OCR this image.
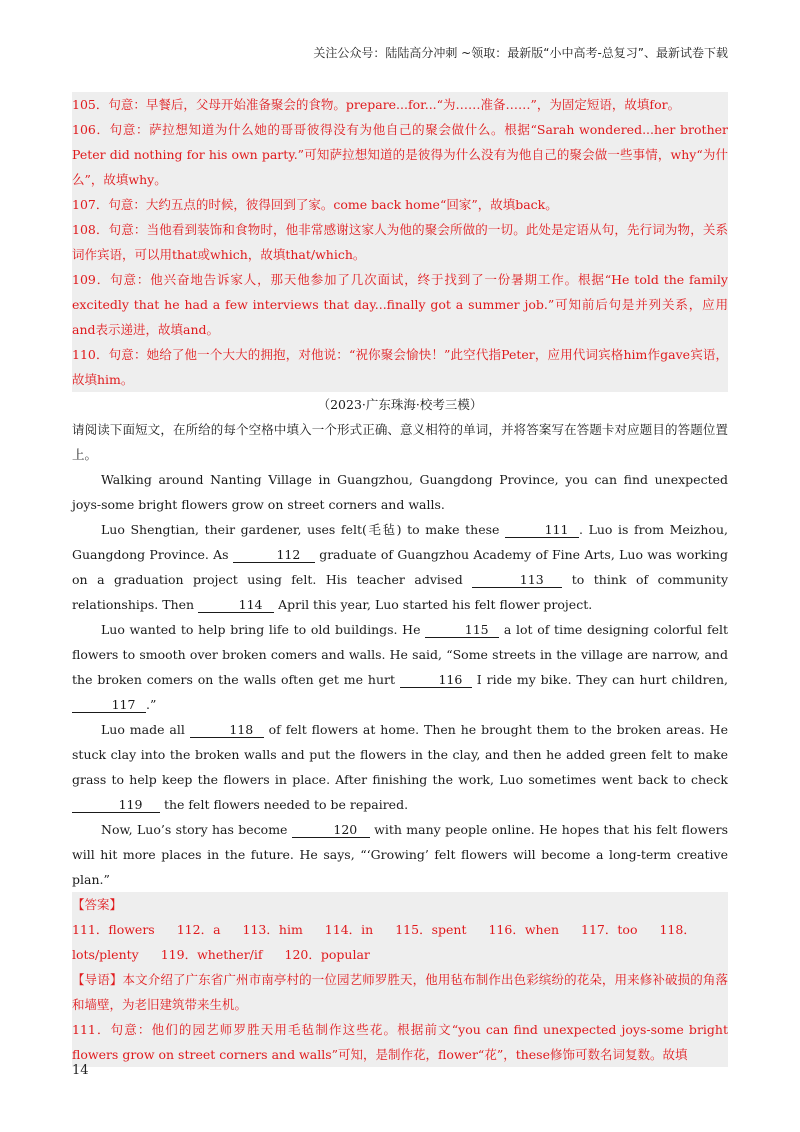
关注公众号：陆陆高分冲刺 ~领取：最新版“小中高考-总复习”、最新试卷下载

105．句意：早餐后，父母开始准备聚会的食物。prepare...for...“为……准备……”，为固定短语，故填for。

106．句意：萨拉想知道为什么她的哥哥彼得没有为他自己的聚会做什么。根据“Sarah wondered...her brother Peter did nothing for his own party.”可知萨拉想知道的是彼得为什么没有为他自己的聚会做一些事情，why“为什么”，故填why。

107．句意：大约五点的时候，彼得回到了家。come back home“回家”，故填back。

108．句意：当他看到装饰和食物时，他非常感谢这家人为他的聚会所做的一切。此处是定语从句，先行词为物，关系词作宾语，可以用that或which，故填that/which。

109．句意：他兴奋地告诉家人，那天他参加了几次面试，终于找到了一份暑期工作。根据“He told the family excitedly that he had a few interviews that day...finally got a summer job.”可知前后句是并列关系，应用and表示递进，故填and。

110．句意：她给了他一个大大的拥抱，对他说：“祝你聚会愉快！”此空代指Peter，应用代词宾格him作gave宾语，故填him。

（2023·广东珠海·校考三模）

请阅读下面短文，在所给的每个空格中填入一个形式正确、意义相符的单词，并将答案写在答题卡对应题目的答题位置上。

Walking around Nanting Village in Guangzhou, Guangdong Province, you can find unexpected joys-some bright flowers grow on street corners and walls.

Luo Shengtian, their gardener, uses felt(毛毡) to make these	111 . Luo is from Meizhou, Guangdong Province. As	112 graduate of Guangzhou Academy of Fine Arts, Luo was working on a graduation project using felt. His teacher advised	113 to think of community relationships. Then	114 April this year, Luo started his felt flower project.

Luo wanted to help bring life to old buildings. He	115 a lot of time designing colorful felt flowers to smooth over broken comers and walls. He said, “Some streets in the village are narrow, and the broken comers on the walls often get me hurt	116 I ride my bike. They can hurt children, 117 .”

Luo made all	118 of felt flowers at home. Then he brought them to the broken areas. He stuck clay into the broken walls and put the flowers in the clay, and then he added green felt to make grass to help keep the flowers in place. After finishing the work, Luo sometimes went back to check 119 the felt flowers needed to be repaired.

Now, Luo’s story has become	120 with many people online. He hopes that his felt flowers will hit more places in the future. He says, “‘Growing’ felt flowers will become a long-term creative plan.”

【答案】

111．flowers 112．a 113．him 114．in 115．spent 116．when 117．too 118．
lots/plenty 119．whether/if 120．popular

【导语】本文介绍了广东省广州市南亭村的一位园艺师罗胜天，他用毡布制作出色彩缤纷的花朵，用来修补破损的角落和墙壁，为老旧建筑带来生机。

111．句意：他们的园艺师罗胜天用毛毡制作这些花。根据前文“you can find unexpected joys-some bright flowers grow on street corners and walls”可知，是制作花，flower“花”，these修饰可数名词复数。故填

14
